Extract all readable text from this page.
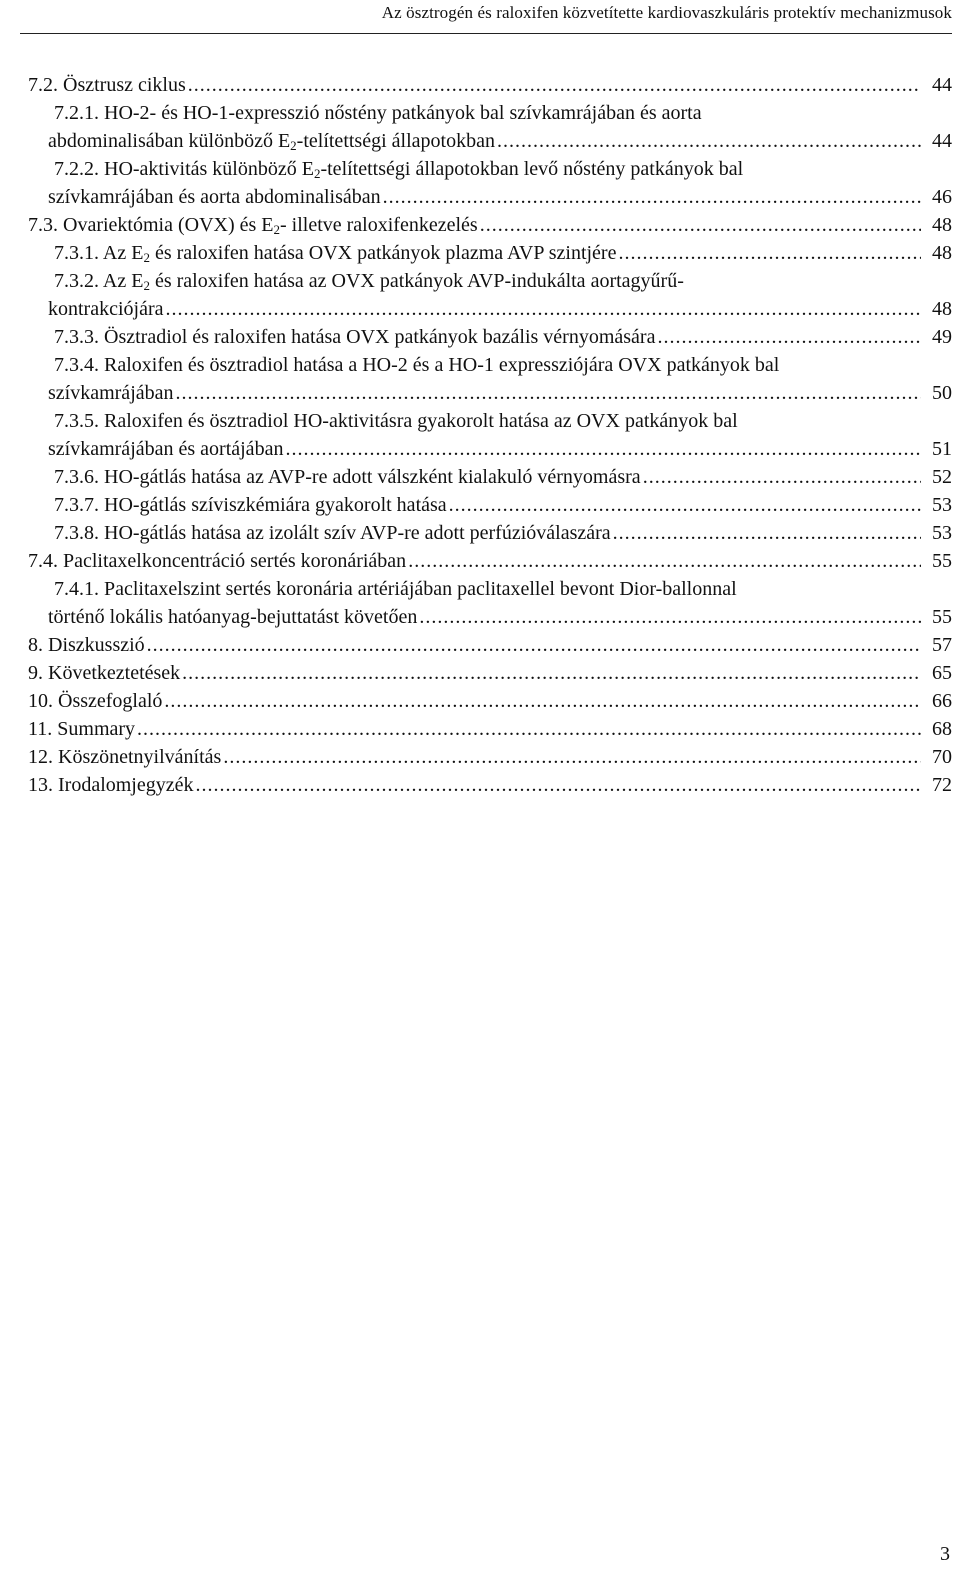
Az ösztrogén és raloxifen közvetítette kardiovaszkuláris protektív mechanizmusok
7.2. Ösztrusz ciklus .....	44
7.2.1. HO-2- és HO-1-expresszió nőstény patkányok bal szívkamrájában és aorta
abdominalisában különböző $E_2$-telítettségi állapotokban .....	44
7.2.2. HO-aktivitás különböző $E_2$-telítettségi állapotokban levő nőstény patkányok bal
szívkamrájában és aorta abdominalisában .....	46
7.3. Ovariektómia (OVX) és $E_2-$ illetve raloxifenkezelés .....	48
7.3.1. Az $E_2$ és raloxifen hatása OVX patkányok plazma AVP szintjére .....	48
7.3.2. Az $E_2$ és raloxifen hatása az OVX patkányok AVP-indukálta aortagyűrű-
kontrakciójára .....	48
7.3.3. Ösztradiol és raloxifen hatása OVX patkányok bazális vérnyomására .....	49
7.3.4. Raloxifen és ösztradiol hatása a HO-2 és a HO-1 expressziójára OVX patkányok bal
szívkamrájában .....	50
7.3.5. Raloxifen és ösztradiol HO-aktivitásra gyakorolt hatása az OVX patkányok bal
szívkamrájában és aortájában .....	51
7.3.6. HO-gátlás hatása az AVP-re adott válszként kialakuló vérnyomásra .....	52
7.3.7. HO-gátlás szíviszkémiára gyakorolt hatása .....	53
7.3.8. HO-gátlás hatása az izolált szív AVP-re adott perfúzióválaszára .....	53
7.4. Paclitaxelkoncentráció sertés koronáriában .....	55
7.4.1. Paclitaxelszint sertés koronária artériájában paclitaxellel bevont Dior-ballonnal
történő lokális hatóanyag-bejuttatást követően .....	55
8. Diszkusszió .....	57
9. Következtetések .....	65
10. Összefoglaló .....	66
11. Summary .....	68
12. Köszönetnyilvánítás .....	70
13. Irodalomjegyzék .....	72
3
